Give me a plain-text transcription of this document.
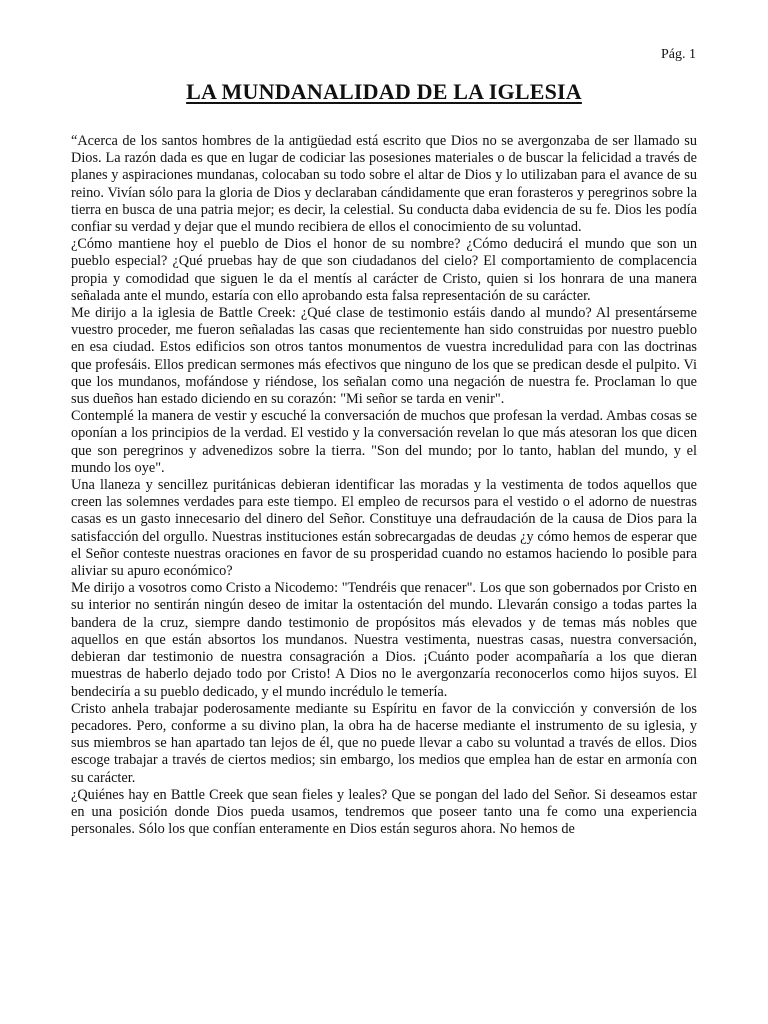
Pág. 1
LA MUNDANALIDAD DE LA IGLESIA

“Acerca de los santos hombres de la antigüedad está escrito que Dios no se avergonzaba de ser llamado su Dios. La razón dada es que en lugar de codiciar las posesiones materiales o de buscar la felicidad a través de planes y aspiraciones mundanas, colocaban su todo sobre el altar de Dios y lo utilizaban para el avance de su reino. Vivían sólo para la gloria de Dios y declaraban cándidamente que eran forasteros y peregrinos sobre la tierra en busca de una patria mejor; es decir, la celestial. Su conducta daba evidencia de su fe. Dios les podía confiar su verdad y dejar que el mundo recibiera de ellos el conocimiento de su voluntad.

¿Cómo mantiene hoy el pueblo de Dios el honor de su nombre? ¿Cómo deducirá el mundo que son un pueblo especial? ¿Qué pruebas hay de que son ciudadanos del cielo? El comportamiento de complacencia propia y comodidad que siguen le da el mentís al carácter de Cristo, quien si los honrara de una manera señalada ante el mundo, estaría con ello aprobando esta falsa representación de su carácter.

Me dirijo a la iglesia de Battle Creek: ¿Qué clase de testimonio estáis dando al mundo? Al presentárseme vuestro proceder, me fueron señaladas las casas que recientemente han sido construidas por nuestro pueblo en esa ciudad. Estos edificios son otros tantos monumentos de vuestra incredulidad para con las doctrinas que profesáis. Ellos predican sermones más efectivos que ninguno de los que se predican desde el pulpito. Vi que los mundanos, mofándose y riéndose, los señalan como una negación de nuestra fe. Proclaman lo que sus dueños han estado diciendo en su corazón: "Mi señor se tarda en venir".

Contemplé la manera de vestir y escuché la conversación de muchos que profesan la verdad. Ambas cosas se oponían a los principios de la verdad. El vestido y la conversación revelan lo que más atesoran los que dicen que son peregrinos y advenedizos sobre la tierra. "Son del mundo; por lo tanto, hablan del mundo, y el mundo los oye".

Una llaneza y sencillez puritánicas debieran identificar las moradas y la vestimenta de todos aquellos que creen las solemnes verdades para este tiempo. El empleo de recursos para el vestido o el adorno de nuestras casas es un gasto innecesario del dinero del Señor. Constituye una defraudación de la causa de Dios para la satisfacción del orgullo. Nuestras instituciones están sobrecargadas de deudas ¿y cómo hemos de esperar que el Señor conteste nuestras oraciones en favor de su prosperidad cuando no estamos haciendo lo posible para aliviar su apuro económico?

Me dirijo a vosotros como Cristo a Nicodemo: "Tendréis que renacer". Los que son gobernados por Cristo en su interior no sentirán ningún deseo de imitar la ostentación del mundo. Llevarán consigo a todas partes la bandera de la cruz, siempre dando testimonio de propósitos más elevados y de temas más nobles que aquellos en que están absortos los mundanos. Nuestra vestimenta, nuestras casas, nuestra conversación, debieran dar testimonio de nuestra consagración a Dios. ¡Cuánto poder acompañaría a los que dieran muestras de haberlo dejado todo por Cristo! A Dios no le avergonzaría reconocerlos como hijos suyos. El bendeciría a su pueblo dedicado, y el mundo incrédulo le temería.

Cristo anhela trabajar poderosamente mediante su Espíritu en favor de la convicción y conversión de los pecadores. Pero, conforme a su divino plan, la obra ha de hacerse mediante el instrumento de su iglesia, y sus miembros se han apartado tan lejos de él, que no puede llevar a cabo su voluntad a través de ellos. Dios escoge trabajar a través de ciertos medios; sin embargo, los medios que emplea han de estar en armonía con su carácter.

¿Quiénes hay en Battle Creek que sean fieles y leales? Que se pongan del lado del Señor. Si deseamos estar en una posición donde Dios pueda usamos, tendremos que poseer tanto una fe como una experiencia personales. Sólo los que confían enteramente en Dios están seguros ahora. No hemos de
